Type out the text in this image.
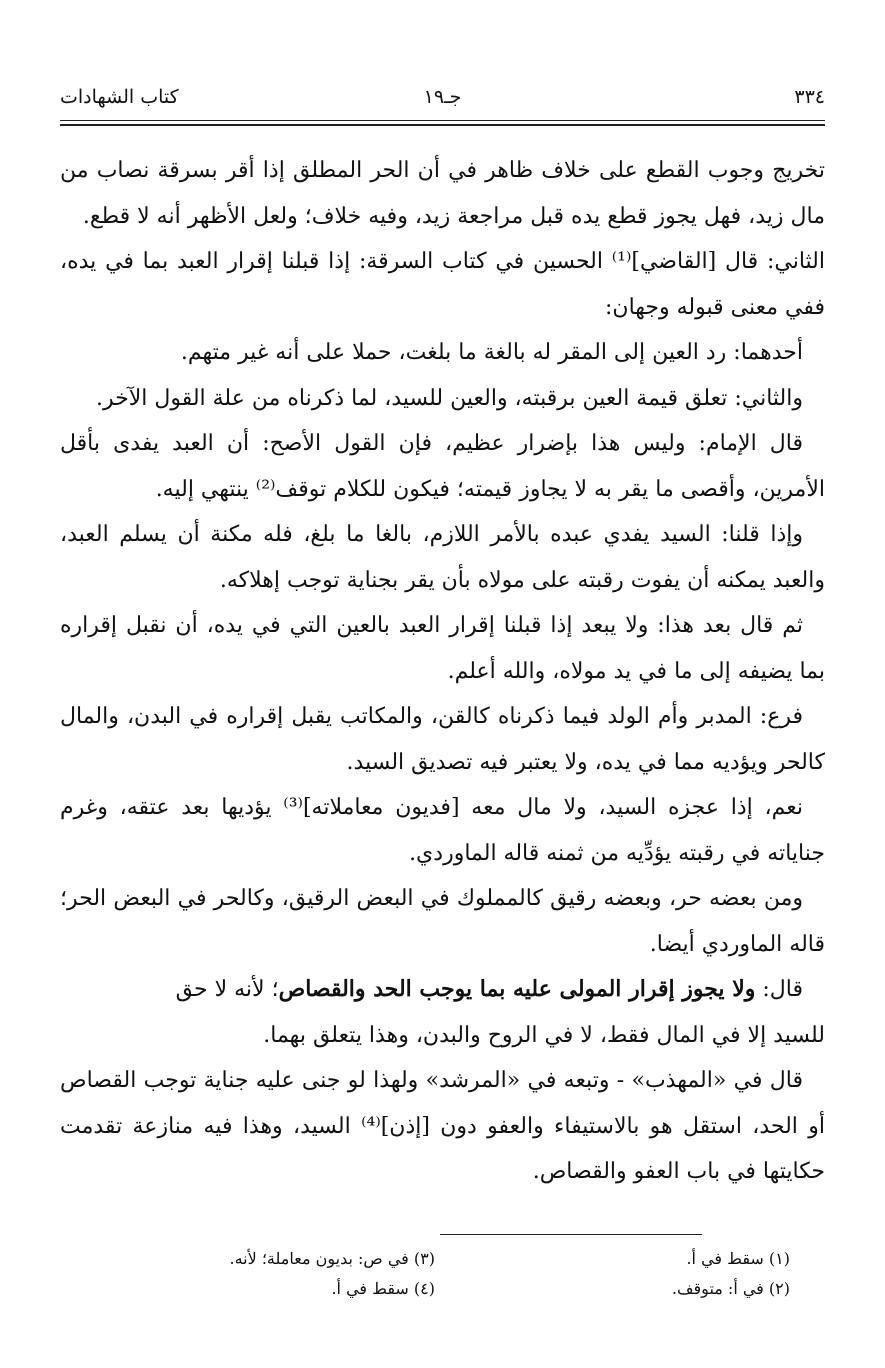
٣٣٤
جـ١٩
كتاب الشهادات

تخريج وجوب القطع على خلاف ظاهر في أن الحر المطلق إذا أقر بسرقة نصاب من مال زيد، فهل يجوز قطع يده قبل مراجعة زيد، وفيه خلاف؛ ولعل الأظهر أنه لا قطع.

الثاني: قال [القاضي]⁽¹⁾ الحسين في كتاب السرقة: إذا قبلنا إقرار العبد بما في يده، ففي معنى قبوله وجهان:

أحدهما: رد العين إلى المقر له بالغة ما بلغت، حملا على أنه غير متهم.

والثاني: تعلق قيمة العين برقبته، والعين للسيد، لما ذكرناه من علة القول الآخر.

قال الإمام: وليس هذا بإضرار عظيم، فإن القول الأصح: أن العبد يفدى بأقل الأمرين، وأقصى ما يقر به لا يجاوز قيمته؛ فيكون للكلام توقف⁽²⁾ ينتهي إليه.

وإذا قلنا: السيد يفدي عبده بالأمر اللازم، بالغا ما بلغ، فله مكنة أن يسلم العبد، والعبد يمكنه أن يفوت رقبته على مولاه بأن يقر بجناية توجب إهلاكه.

ثم قال بعد هذا: ولا يبعد إذا قبلنا إقرار العبد بالعين التي في يده، أن نقبل إقراره بما يضيفه إلى ما في يد مولاه، والله أعلم.

فرع: المدبر وأم الولد فيما ذكرناه كالقن، والمكاتب يقبل إقراره في البدن، والمال كالحر ويؤديه مما في يده، ولا يعتبر فيه تصديق السيد.

نعم، إذا عجزه السيد، ولا مال معه [فديون معاملاته]⁽³⁾ يؤديها بعد عتقه، وغرم جناياته في رقبته يؤدِّيه من ثمنه قاله الماوردي.

ومن بعضه حر، وبعضه رقيق كالمملوك في البعض الرقيق، وكالحر في البعض الحر؛ قاله الماوردي أيضا.

قال: ولا يجوز إقرار المولى عليه بما يوجب الحد والقصاص؛ لأنه لا حق

للسيد إلا في المال فقط، لا في الروح والبدن، وهذا يتعلق بهما.

قال في «المهذب» - وتبعه في «المرشد» ولهذا لو جنى عليه جناية توجب القصاص أو الحد، استقل هو بالاستيفاء والعفو دون [إذن]⁽⁴⁾ السيد، وهذا فيه منازعة تقدمت حكايتها في باب العفو والقصاص.

(١) سقط في أ.

(٢) في أ: متوقف.

(٣) في ص: بديون معاملة؛ لأنه.

(٤) سقط في أ.
